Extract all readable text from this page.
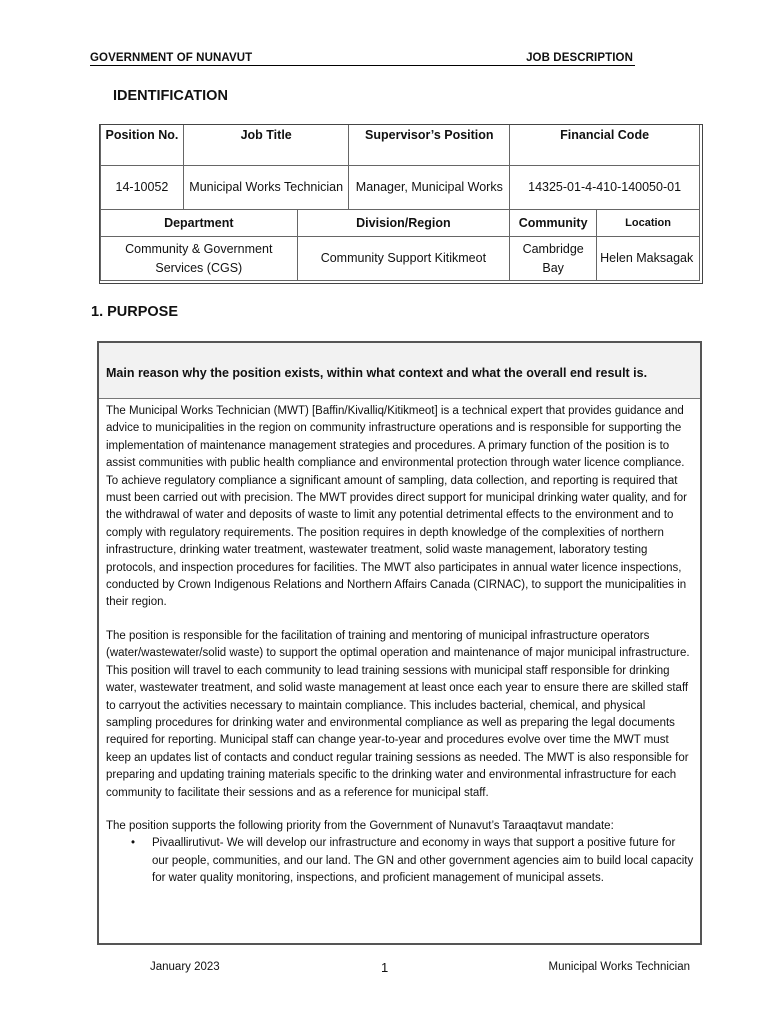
GOVERNMENT OF NUNAVUT	JOB DESCRIPTION
IDENTIFICATION
Position No.	Job Title		Supervisor’s Position	Financial Code	
14-10052	Municipal Works Technician		Manager, Municipal Works	14325-01-4-410-140050-01	
Department		Division/Region		Community	Location
Community & Government Services (CGS)		Community Support Kitikmeot		Cambridge Bay	Helen Maksagak
1. PURPOSE
Main reason why the position exists, within what context and what the overall end result is.

The Municipal Works Technician (MWT) [Baffin/Kivalliq/Kitikmeot] is a technical expert that provides guidance and advice to municipalities in the region on community infrastructure operations and is responsible for supporting the implementation of maintenance management strategies and procedures. A primary function of the position is to assist communities with public health compliance and environmental protection through water licence compliance. To achieve regulatory compliance a significant amount of sampling, data collection, and reporting is required that must been carried out with precision. The MWT provides direct support for municipal drinking water quality, and for the withdrawal of water and deposits of waste to limit any potential detrimental effects to the environment and to comply with regulatory requirements. The position requires in depth knowledge of the complexities of northern infrastructure, drinking water treatment, wastewater treatment, solid waste management, laboratory testing protocols, and inspection procedures for facilities. The MWT also participates in annual water licence inspections, conducted by Crown Indigenous Relations and Northern Affairs Canada (CIRNAC), to support the municipalities in their region.

The position is responsible for the facilitation of training and mentoring of municipal infrastructure operators (water/wastewater/solid waste) to support the optimal operation and maintenance of major municipal infrastructure. This position will travel to each community to lead training sessions with municipal staff responsible for drinking water, wastewater treatment, and solid waste management at least once each year to ensure there are skilled staff to carryout the activities necessary to maintain compliance. This includes bacterial, chemical, and physical sampling procedures for drinking water and environmental compliance as well as preparing the legal documents required for reporting. Municipal staff can change year-to-year and procedures evolve over time the MWT must keep an updates list of contacts and conduct regular training sessions as needed. The MWT is also responsible for preparing and updating training materials specific to the drinking water and environmental infrastructure for each community to facilitate their sessions and as a reference for municipal staff.

The position supports the following priority from the Government of Nunavut’s Taraaqtavut mandate:

• Pivaallirutivut- We will develop our infrastructure and economy in ways that support a positive future for our people, communities, and our land. The GN and other government agencies aim to build local capacity for water quality monitoring, inspections, and proficient management of municipal assets.
January 2023	1	Municipal Works Technician
